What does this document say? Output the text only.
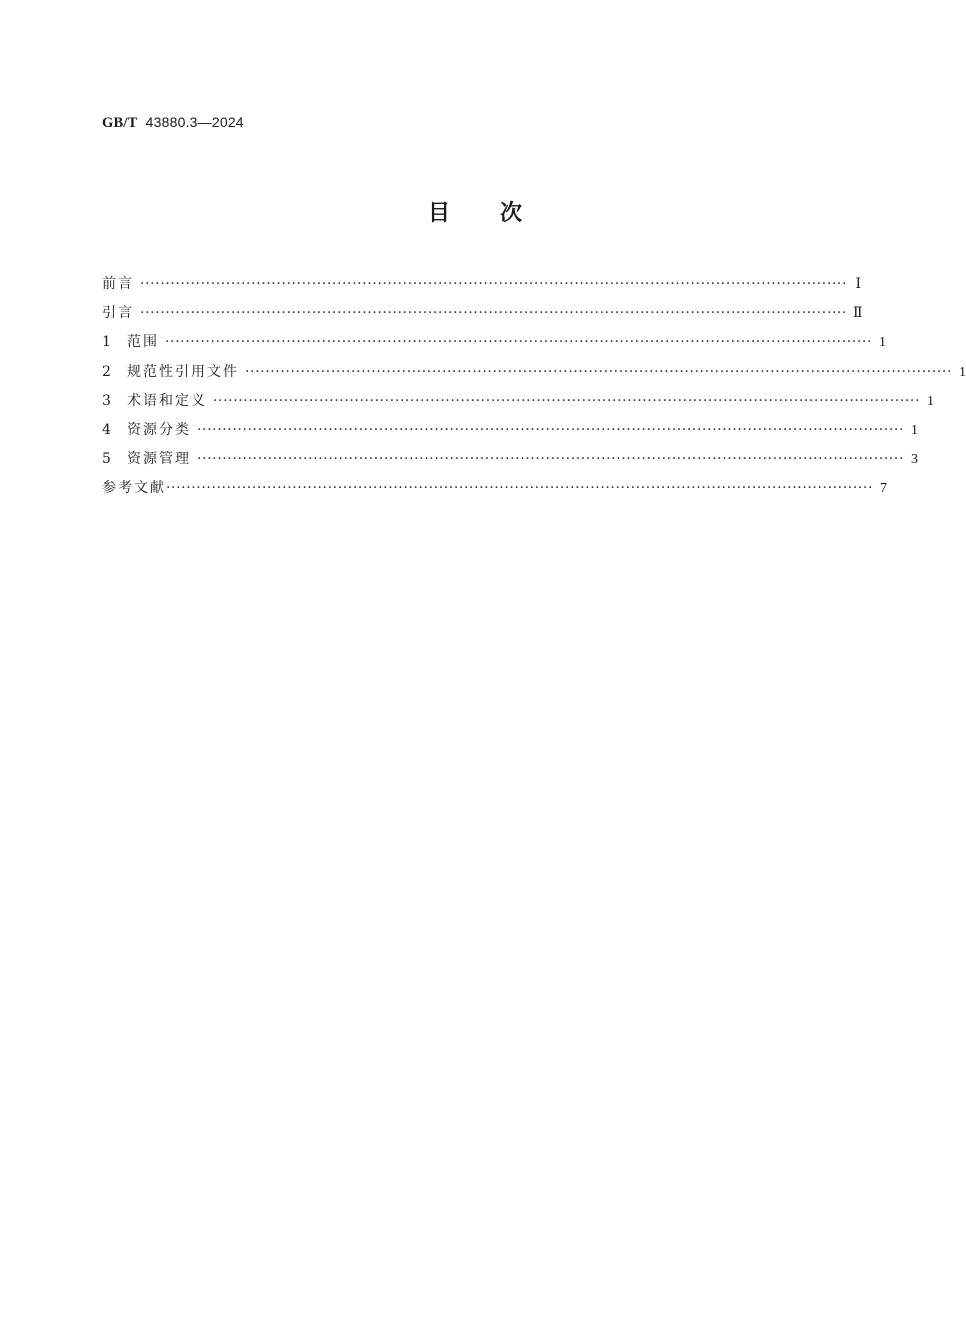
GB/T 43880.3—2024
目 次
前言 ············································································································································ Ⅰ
引言 ············································································································································ Ⅱ
1	范围 ············································································································································ 1
2	规范性引用文件 ············································································································································ 1
3	术语和定义 ············································································································································ 1
4	资源分类 ············································································································································ 1
5	资源管理 ············································································································································ 3
参考文献 ············································································································································ 7
